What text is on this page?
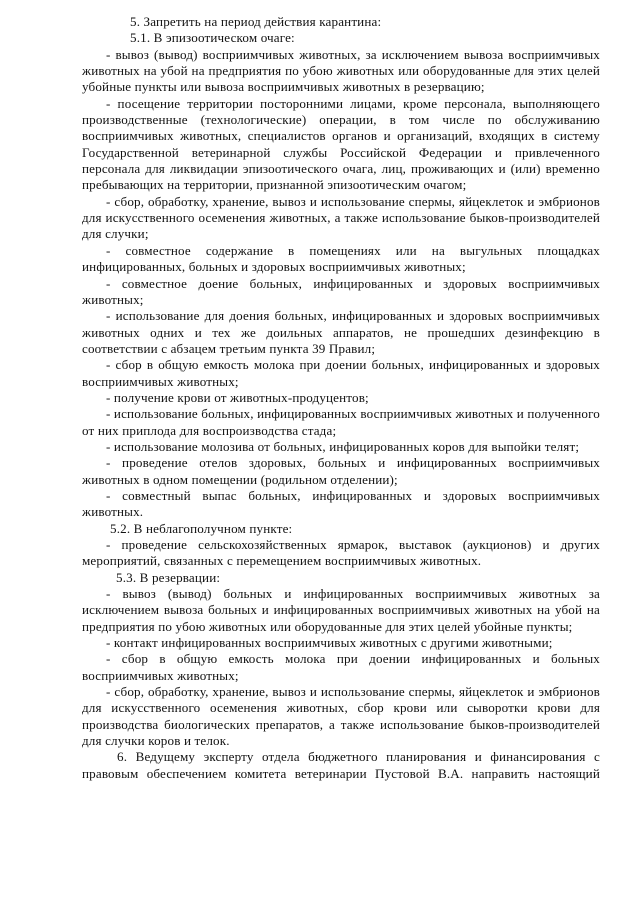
5. Запретить на период действия карантина:

5.1. В эпизоотическом очаге:

- вывоз (вывод) восприимчивых животных, за исключением вывоза восприимчивых животных на убой на предприятия по убою животных или оборудованные для этих целей убойные пункты или вывоза восприимчивых животных в резервацию;

- посещение территории посторонними лицами, кроме персонала, выполняющего производственные (технологические) операции, в том числе по обслуживанию восприимчивых животных, специалистов органов и организаций, входящих в систему Государственной ветеринарной службы Российской Федерации и привлеченного персонала для ликвидации эпизоотического очага, лиц, проживающих и (или) временно пребывающих на территории, признанной эпизоотическим очагом;

- сбор, обработку, хранение, вывоз и использование спермы, яйцеклеток и эмбрионов для искусственного осеменения животных, а также использование быков-производителей для случки;

- совместное содержание в помещениях или на выгульных площадках инфицированных, больных и здоровых восприимчивых животных;

- совместное доение больных, инфицированных и здоровых восприимчивых животных;

- использование для доения больных, инфицированных и здоровых восприимчивых животных одних и тех же доильных аппаратов, не прошедших дезинфекцию в соответствии с абзацем третьим пункта 39 Правил;

- сбор в общую емкость молока при доении больных, инфицированных и здоровых восприимчивых животных;

- получение крови от животных-продуцентов;

- использование больных, инфицированных восприимчивых животных и полученного от них приплода для воспроизводства стада;

- использование молозива от больных, инфицированных коров для выпойки телят;

- проведение отелов здоровых, больных и инфицированных восприимчивых животных в одном помещении (родильном отделении);

- совместный выпас больных, инфицированных и здоровых восприимчивых животных.

5.2. В неблагополучном пункте:

- проведение сельскохозяйственных ярмарок, выставок (аукционов) и других мероприятий, связанных с перемещением восприимчивых животных.

5.3. В резервации:

- вывоз (вывод) больных и инфицированных восприимчивых животных за исключением вывоза больных и инфицированных восприимчивых животных на убой на предприятия по убою животных или оборудованные для этих целей убойные пункты;

- контакт инфицированных восприимчивых животных с другими животными;

- сбор в общую емкость молока при доении инфицированных и больных восприимчивых животных;

- сбор, обработку, хранение, вывоз и использование спермы, яйцеклеток и эмбрионов для искусственного осеменения животных, сбор крови или сыворотки крови для производства биологических препаратов, а также использование быков-производителей для случки коров и телок.

6. Ведущему эксперту отдела бюджетного планирования и финансирования с правовым обеспечением комитета ветеринарии Пустовой В.А. направить настоящий
